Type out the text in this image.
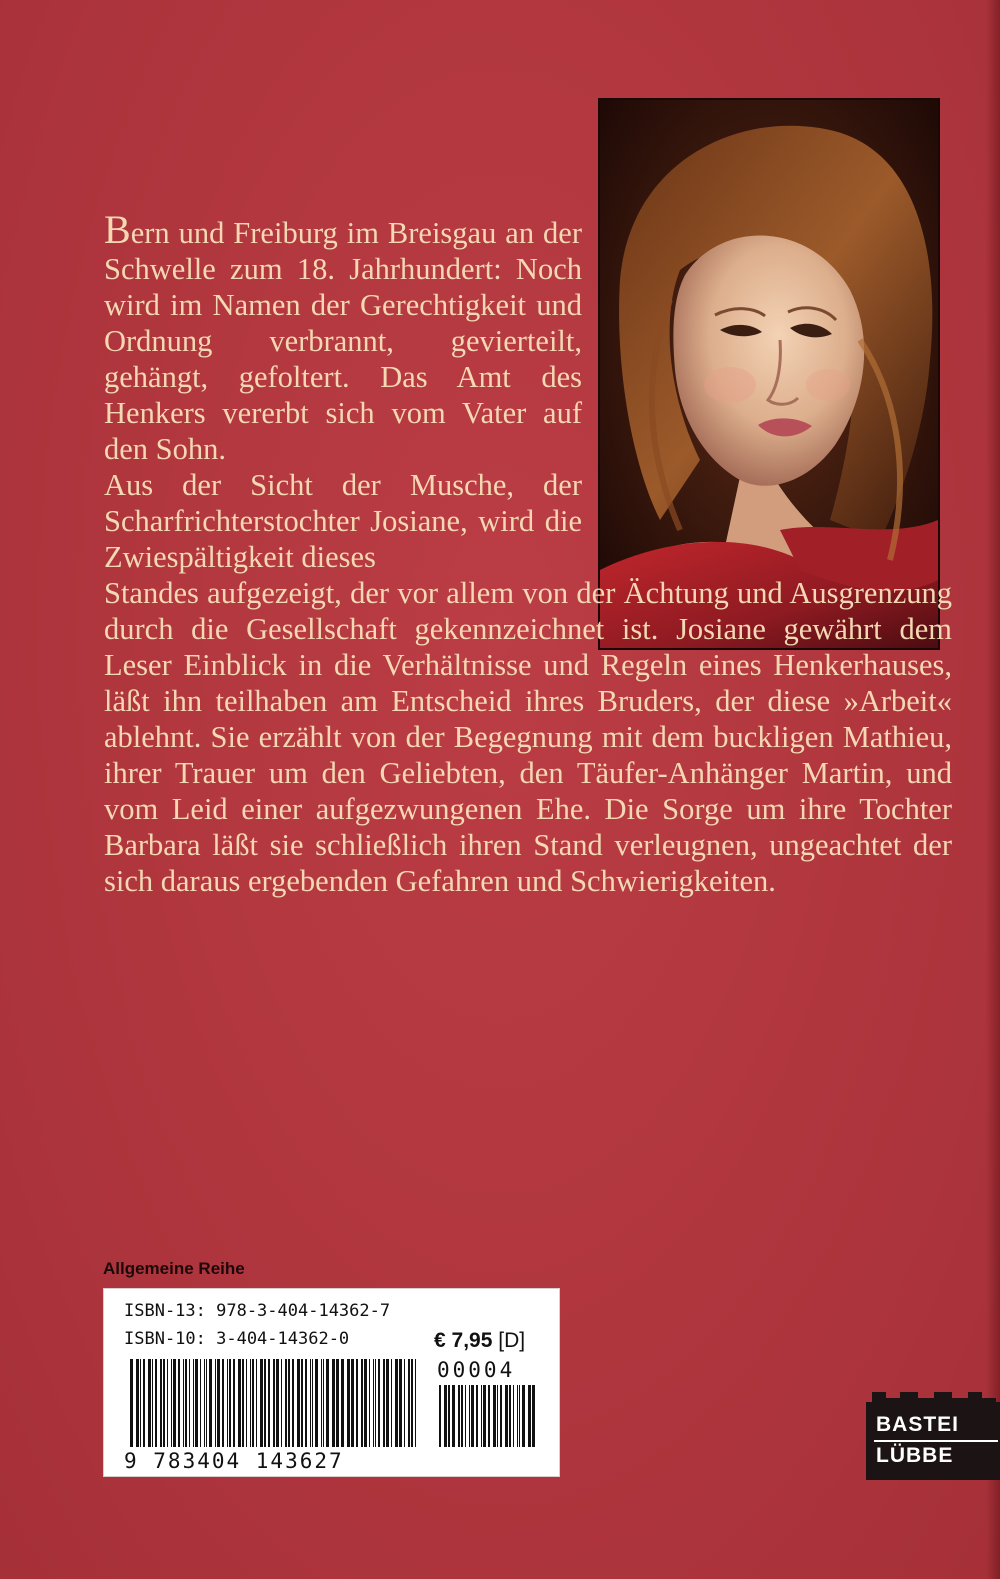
Bern und Freiburg im Breisgau an der Schwelle zum 18. Jahrhundert: Noch wird im Namen der Gerechtigkeit und Ordnung verbrannt, gevierteilt, gehängt, gefoltert. Das Amt des Henkers vererbt sich vom Vater auf den Sohn.

Aus der Sicht der Musche, der Scharfrichterstochter Josiane, wird die Zwiespältigkeit dieses

Standes aufgezeigt, der vor allem von der Ächtung und Ausgrenzung durch die Gesellschaft gekennzeichnet ist. Josiane gewährt dem Leser Einblick in die Verhältnisse und Regeln eines Henkerhauses, läßt ihn teilhaben am Entscheid ihres Bruders, der diese »Arbeit« ablehnt. Sie erzählt von der Begegnung mit dem buckligen Mathieu, ihrer Trauer um den Geliebten, den Täufer-Anhänger Martin, und vom Leid einer aufgezwungenen Ehe. Die Sorge um ihre Tochter Barbara läßt sie schließlich ihren Stand verleugnen, ungeachtet der sich daraus ergebenden Gefahren und Schwierigkeiten.

Allgemeine Reihe
ISBN-13: 978-3-404-14362-7
ISBN-10: 3-404-14362-0	€ 7,95 [D]
00004
9 783404 143627
BASTEI
LÜBBE
